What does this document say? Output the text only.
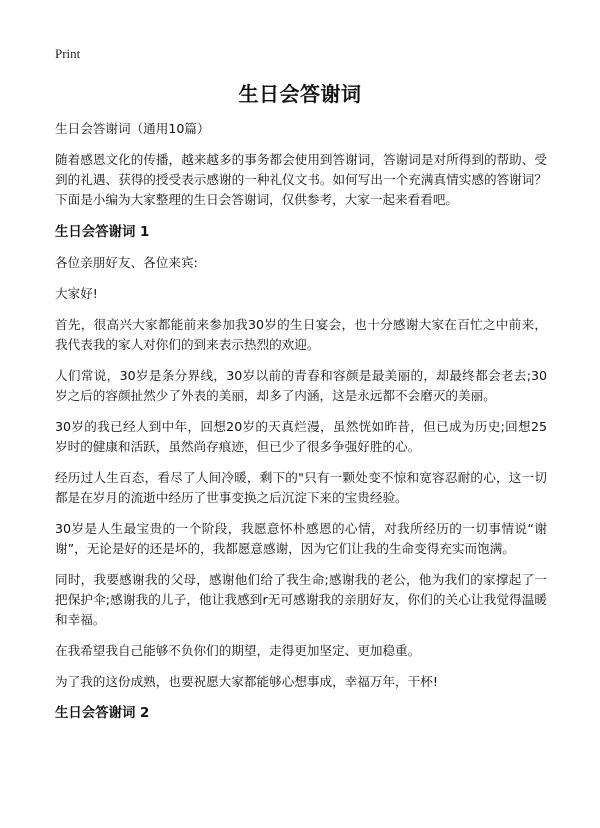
Print
生日会答谢词

生日会答谢词（通用10篇）

随着感恩文化的传播，越来越多的事务都会使用到答谢词，答谢词是对所得到的帮助、受到的礼遇、获得的授受表示感谢的一种礼仪文书。如何写出一个充满真情实感的答谢词？下面是小编为大家整理的生日会答谢词，仅供参考，大家一起来看看吧。

生日会答谢词 1

各位亲朋好友、各位来宾:

大家好!

首先，很高兴大家都能前来参加我30岁的生日宴会，也十分感谢大家在百忙之中前来，我代表我的家人对你们的到来表示热烈的欢迎。

人们常说，30岁是条分界线，30岁以前的青春和容颜是最美丽的，却最终都会老去;30岁之后的容颜扯然少了外表的美丽，却多了内涵，这是永远都不会磨灭的美丽。

30岁的我已经人到中年，回想20岁的天真烂漫，虽然恍如昨昔，但已成为历史;回想25岁时的健康和活跃，虽然尚存痕迹，但已少了很多争强好胜的心。

经历过人生百态，看尽了人间冷暖，剩下的"只有一颗处变不惊和宽容忍耐的心，这一切都是在岁月的流逝中经历了世事变换之后沉淀下来的宝贵经验。

30岁是人生最宝贵的一个阶段，我愿意怀朴感恩的心情，对我所经历的一切事情说“谢谢”，无论是好的还是坏的，我都愿意感谢，因为它们让我的生命变得充实而饱满。

同时，我要感谢我的父母，感谢他们给了我生命;感谢我的老公，他为我们的家撑起了一把保护伞;感谢我的儿子，他让我感到r无可感谢我的亲朋好友，你们的关心让我觉得温暖和幸福。

在我希望我自己能够不负你们的期望，走得更加坚定、更加稳重。

为了我的这份成熟，也要祝愿大家都能够心想事成，幸福万年，干杯!

生日会答谢词 2
